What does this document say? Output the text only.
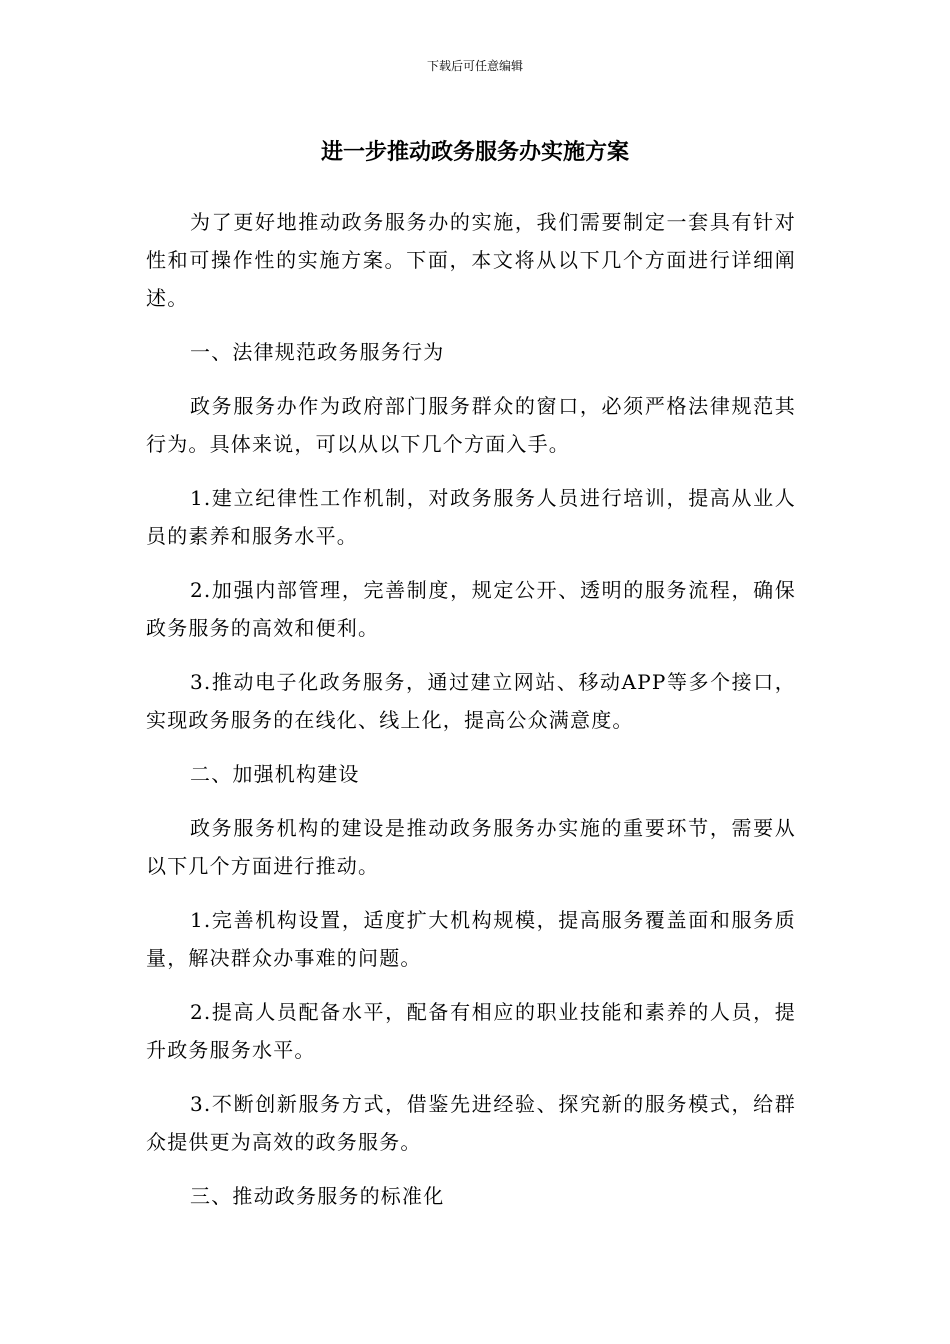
下载后可任意编辑
进一步推动政务服务办实施方案

为了更好地推动政务服务办的实施，我们需要制定一套具有针对性和可操作性的实施方案。下面，本文将从以下几个方面进行详细阐述。

一、法律规范政务服务行为

政务服务办作为政府部门服务群众的窗口，必须严格法律规范其行为。具体来说，可以从以下几个方面入手。

1.建立纪律性工作机制，对政务服务人员进行培训，提高从业人员的素养和服务水平。

2.加强内部管理，完善制度，规定公开、透明的服务流程，确保政务服务的高效和便利。

3.推动电子化政务服务，通过建立网站、移动APP等多个接口，实现政务服务的在线化、线上化，提高公众满意度。

二、加强机构建设

政务服务机构的建设是推动政务服务办实施的重要环节，需要从以下几个方面进行推动。

1.完善机构设置，适度扩大机构规模，提高服务覆盖面和服务质量，解决群众办事难的问题。

2.提高人员配备水平，配备有相应的职业技能和素养的人员，提升政务服务水平。

3.不断创新服务方式，借鉴先进经验、探究新的服务模式，给群众提供更为高效的政务服务。

三、推动政务服务的标准化
